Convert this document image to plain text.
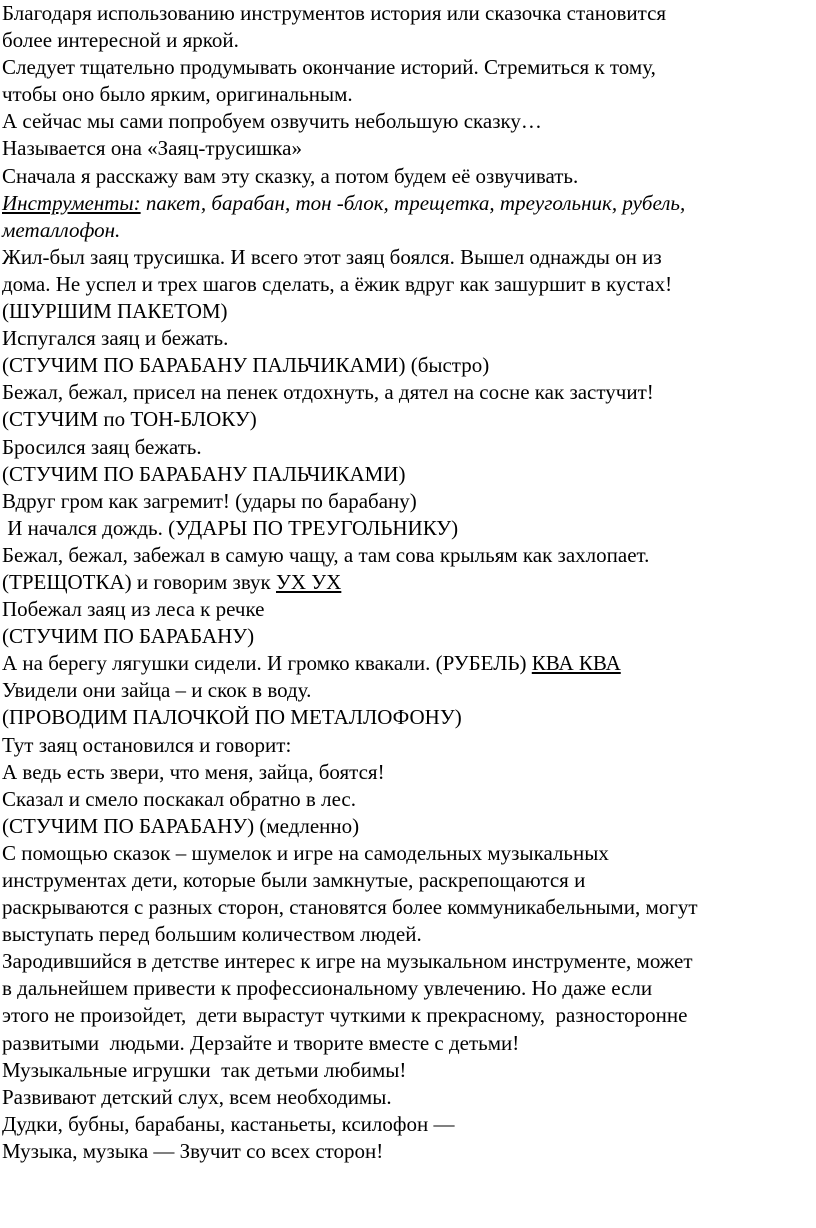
Благодаря использованию инструментов история или сказочка становится
более интересной и яркой.
Следует тщательно продумывать окончание историй. Стремиться к тому,
чтобы оно было ярким, оригинальным.
А сейчас мы сами попробуем озвучить небольшую сказку…
Называется она «Заяц-трусишка»
Сначала я расскажу вам эту сказку, а потом будем её озвучивать.
Инструменты: пакет, барабан, тон -блок, трещетка, треугольник, рубель,
металлофон.
Жил-был заяц трусишка. И всего этот заяц боялся. Вышел однажды он из
дома. Не успел и трех шагов сделать, а ёжик вдруг как зашуршит в кустах!
(ШУРШИМ ПАКЕТОМ)
Испугался заяц и бежать.
(СТУЧИМ ПО БАРАБАНУ ПАЛЬЧИКАМИ) (быстро)
Бежал, бежал, присел на пенек отдохнуть, а дятел на сосне как застучит!
(СТУЧИМ по ТОН-БЛОКУ)
Бросился заяц бежать.
(СТУЧИМ ПО БАРАБАНУ ПАЛЬЧИКАМИ)
Вдруг гром как загремит! (удары по барабану)
И начался дождь. (УДАРЫ ПО ТРЕУГОЛЬНИКУ)
Бежал, бежал, забежал в самую чащу, а там сова крыльям как захлопает.
(ТРЕЩОТКА) и говорим звук УХ УХ
Побежал заяц из леса к речке
(СТУЧИМ ПО БАРАБАНУ)
А на берегу лягушки сидели. И громко квакали. (РУБЕЛЬ) КВА КВА
Увидели они зайца – и скок в воду.
(ПРОВОДИМ ПАЛОЧКОЙ ПО МЕТАЛЛОФОНУ)
Тут заяц остановился и говорит:
А ведь есть звери, что меня, зайца, боятся!
Сказал и смело поскакал обратно в лес.
(СТУЧИМ ПО БАРАБАНУ) (медленно)
С помощью сказок – шумелок и игре на самодельных музыкальных
инструментах дети, которые были замкнутые, раскрепощаются и
раскрываются с разных сторон, становятся более коммуникабельными, могут
выступать перед большим количеством людей.
Зародившийся в детстве интерес к игре на музыкальном инструменте, может
в дальнейшем привести к профессиональному увлечению. Но даже если
этого не произойдет,  дети вырастут чуткими к прекрасному,  разносторонне
развитыми  людьми. Дерзайте и творите вместе с детьми!
Музыкальные игрушки  так детьми любимы!
Развивают детский слух, всем необходимы.
Дудки, бубны, барабаны, кастаньеты, ксилофон —
Музыка, музыка — Звучит со всех сторон!
